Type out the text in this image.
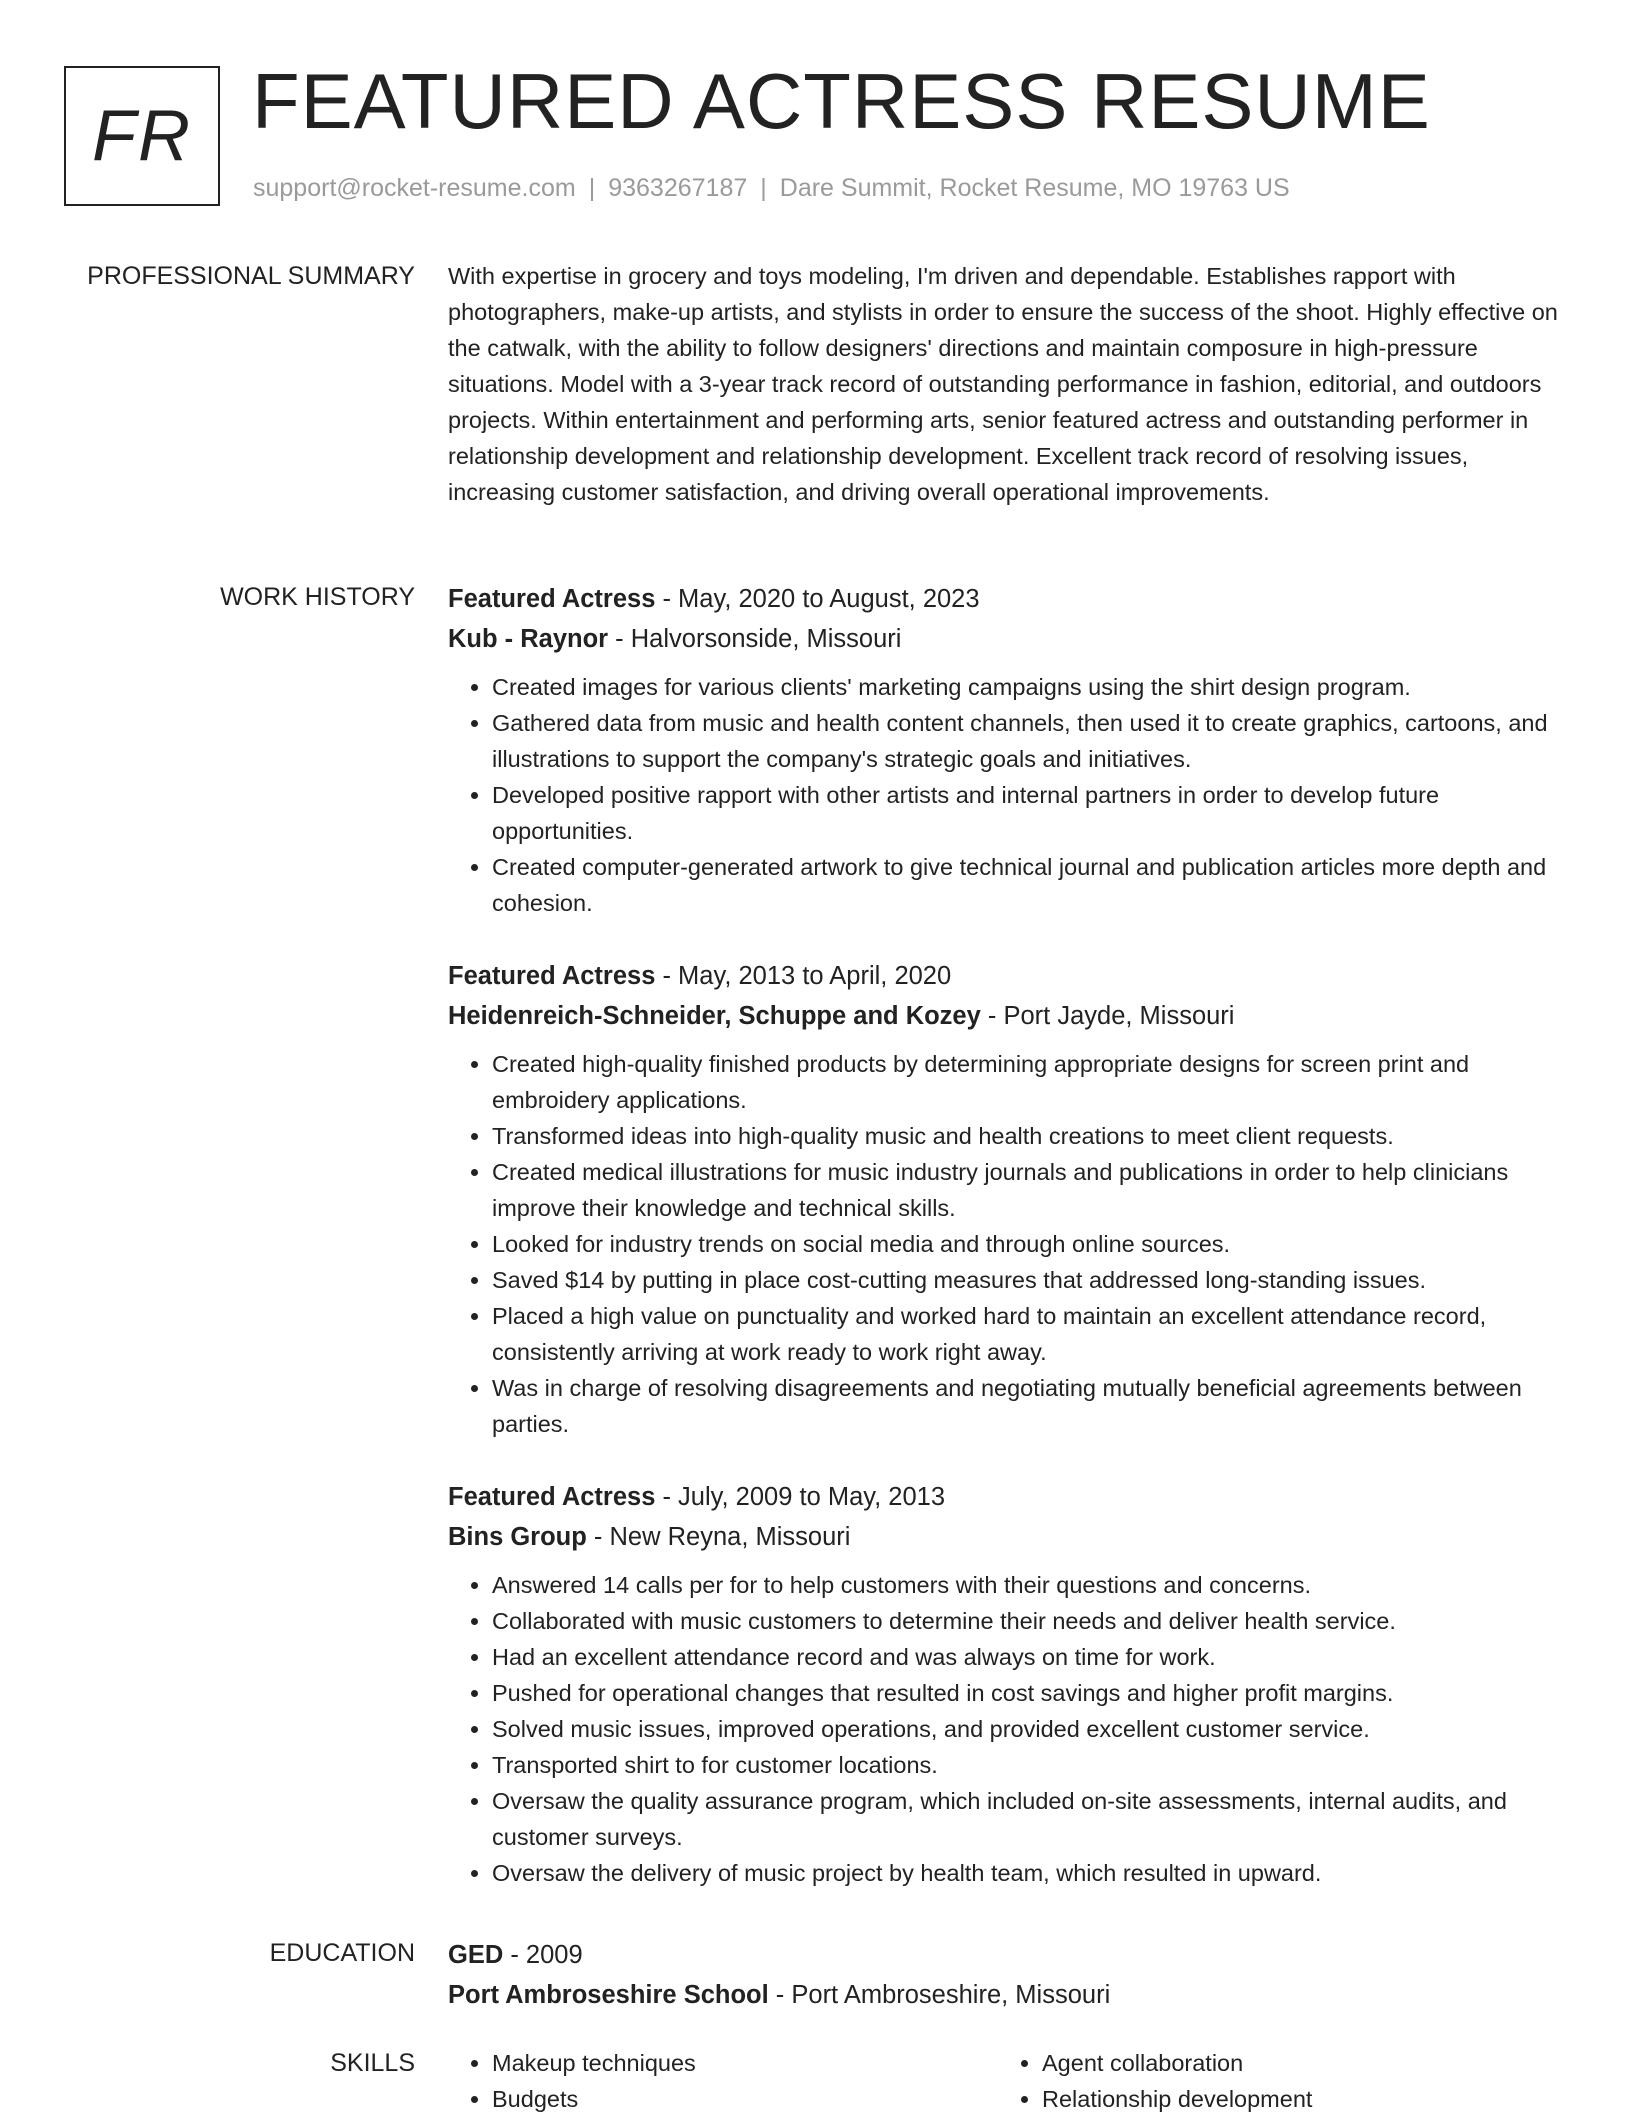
FR FEATURED ACTRESS RESUME
support@rocket-resume.com | 9363267187 | Dare Summit, Rocket Resume, MO 19763 US
PROFESSIONAL SUMMARY With expertise in grocery and toys modeling, I'm driven and dependable. Establishes rapport with photographers, make-up artists, and stylists in order to ensure the success of the shoot. Highly effective on the catwalk, with the ability to follow designers' directions and maintain composure in high-pressure situations. Model with a 3-year track record of outstanding performance in fashion, editorial, and outdoors projects. Within entertainment and performing arts, senior featured actress and outstanding performer in relationship development and relationship development. Excellent track record of resolving issues, increasing customer satisfaction, and driving overall operational improvements.

WORK HISTORY Featured Actress - May, 2020 to August, 2023
Kub - Raynor - Halvorsonside, Missouri
• Created images for various clients' marketing campaigns using the shirt design program.
• Gathered data from music and health content channels, then used it to create graphics, cartoons, and illustrations to support the company's strategic goals and initiatives.
• Developed positive rapport with other artists and internal partners in order to develop future opportunities.
• Created computer-generated artwork to give technical journal and publication articles more depth and cohesion.
Featured Actress - May, 2013 to April, 2020
Heidenreich-Schneider, Schuppe and Kozey - Port Jayde, Missouri
• Created high-quality finished products by determining appropriate designs for screen print and embroidery applications.
• Transformed ideas into high-quality music and health creations to meet client requests.
• Created medical illustrations for music industry journals and publications in order to help clinicians improve their knowledge and technical skills.
• Looked for industry trends on social media and through online sources.
• Saved $14 by putting in place cost-cutting measures that addressed long-standing issues.
• Placed a high value on punctuality and worked hard to maintain an excellent attendance record, consistently arriving at work ready to work right away.
• Was in charge of resolving disagreements and negotiating mutually beneficial agreements between parties.
Featured Actress - July, 2009 to May, 2013
Bins Group - New Reyna, Missouri
• Answered 14 calls per for to help customers with their questions and concerns.
• Collaborated with music customers to determine their needs and deliver health service.
• Had an excellent attendance record and was always on time for work.
• Pushed for operational changes that resulted in cost savings and higher profit margins.
• Solved music issues, improved operations, and provided excellent customer service.
• Transported shirt to for customer locations.
• Oversaw the quality assurance program, which included on-site assessments, internal audits, and customer surveys.
• Oversaw the delivery of music project by health team, which resulted in upward.
EDUCATION GED - 2009
Port Ambroseshire School - Port Ambroseshire, Missouri
SKILLS
•	Makeup techniques
• Budgets
• Agent collaboration
• Relationship development
